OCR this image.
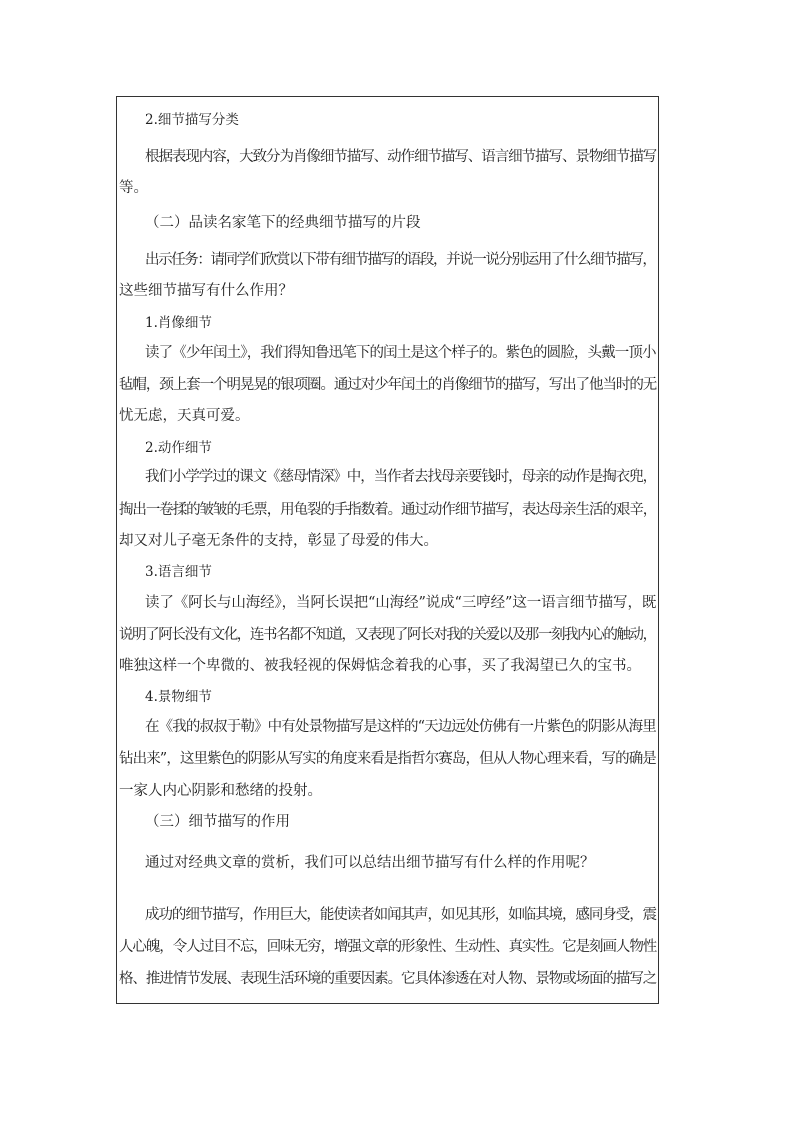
2.细节描写分类
根据表现内容，大致分为肖像细节描写、动作细节描写、语言细节描写、景物细节描写
等。
（二）品读名家笔下的经典细节描写的片段
出示任务：请同学们欣赏以下带有细节描写的语段，并说一说分别运用了什么细节描写，
这些细节描写有什么作用？
1.肖像细节
读了《少年闰土》，我们得知鲁迅笔下的闰土是这个样子的。紫色的圆脸，头戴一顶小
毡帽，颈上套一个明晃晃的银项圈。通过对少年闰土的肖像细节的描写，写出了他当时的无
忧无虑，天真可爱。
2.动作细节
我们小学学过的课文《慈母情深》中，当作者去找母亲要钱时，母亲的动作是掏衣兜，
掏出一卷揉的皱皱的毛票，用龟裂的手指数着。通过动作细节描写，表达母亲生活的艰辛，
却又对儿子毫无条件的支持，彰显了母爱的伟大。
3.语言细节
读了《阿长与山海经》，当阿长误把“山海经”说成“三哼经”这一语言细节描写，既
说明了阿长没有文化，连书名都不知道，又表现了阿长对我的关爱以及那一刻我内心的触动，
唯独这样一个卑微的、被我轻视的保姆惦念着我的心事，买了我渴望已久的宝书。
4.景物细节
在《我的叔叔于勒》中有处景物描写是这样的“天边远处仿佛有一片紫色的阴影从海里
钻出来”，这里紫色的阴影从写实的角度来看是指哲尔赛岛，但从人物心理来看，写的确是
一家人内心阴影和愁绪的投射。
（三）细节描写的作用
通过对经典文章的赏析，我们可以总结出细节描写有什么样的作用呢？
成功的细节描写，作用巨大，能使读者如闻其声，如见其形，如临其境，感同身受，震
人心魄，令人过目不忘，回味无穷，增强文章的形象性、生动性、真实性。它是刻画人物性
格、推进情节发展、表现生活环境的重要因素。它具体渗透在对人物、景物或场面的描写之
